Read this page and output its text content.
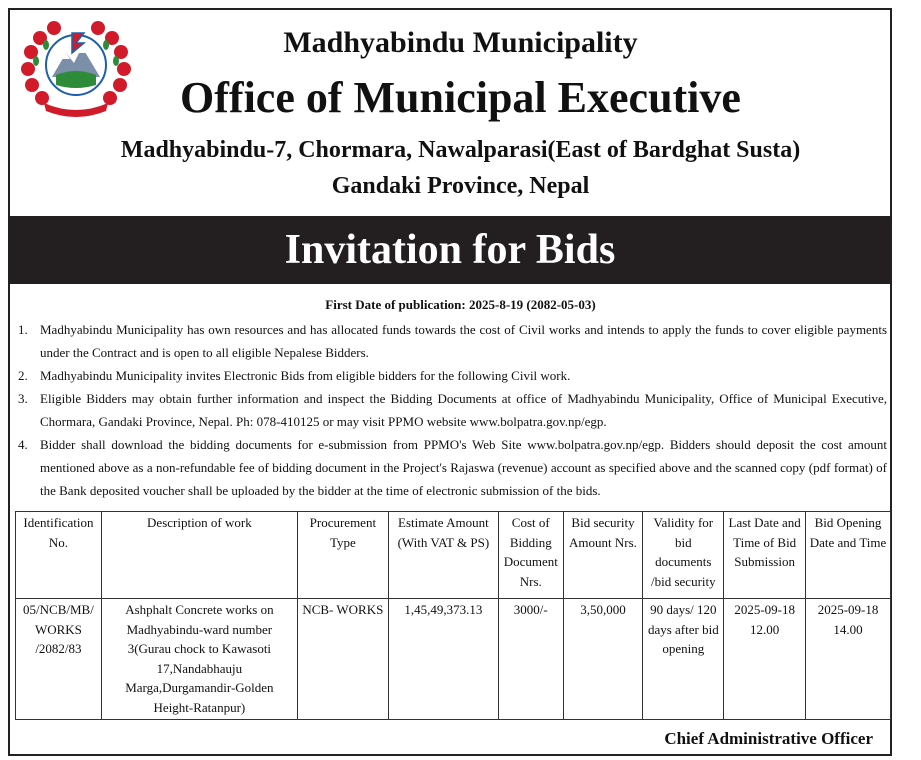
Madhyabindu Municipality
Office of Municipal Executive
Madhyabindu-7, Chormara, Nawalparasi(East of Bardghat Susta)
Gandaki Province, Nepal
Invitation for Bids
First Date of publication: 2025-8-19 (2082-05-03)
1. Madhyabindu Municipality has own resources and has allocated funds towards the cost of Civil works and intends to apply the funds to cover eligible payments under the Contract and is open to all eligible Nepalese Bidders.
2. Madhyabindu Municipality invites Electronic Bids from eligible bidders for the following Civil work.
3. Eligible Bidders may obtain further information and inspect the Bidding Documents at office of Madhyabindu Municipality, Office of Municipal Executive, Chormara, Gandaki Province, Nepal. Ph: 078-410125 or may visit PPMO website www.bolpatra.gov.np/egp.
4. Bidder shall download the bidding documents for e-submission from PPMO's Web Site www.bolpatra.gov.np/egp. Bidders should deposit the cost amount mentioned above as a non-refundable fee of bidding document in the Project's Rajaswa (revenue) account as specified above and the scanned copy (pdf format) of the Bank deposited voucher shall be uploaded by the bidder at the time of electronic submission of the bids.
Identification No.	Description of work	Procurement Type	Estimate Amount (With VAT & PS)	Cost of Bidding Document Nrs.	Bid security Amount Nrs.	Validity for bid documents /bid security	Last Date and Time of Bid Submission	Bid Opening Date and Time
05/NCB/MB/ WORKS /2082/83	Ashphalt Concrete works on Madhyabindu-ward number 3(Gurau chock to Kawasoti 17,Nandabhauju Marga,Durgamandir-Golden Height-Ratanpur)	NCB- WORKS	1,45,49,373.13	3000/-	3,50,000	90 days/ 120 days after bid opening	2025-09-18 12.00	2025-09-18 14.00
Chief Administrative Officer
